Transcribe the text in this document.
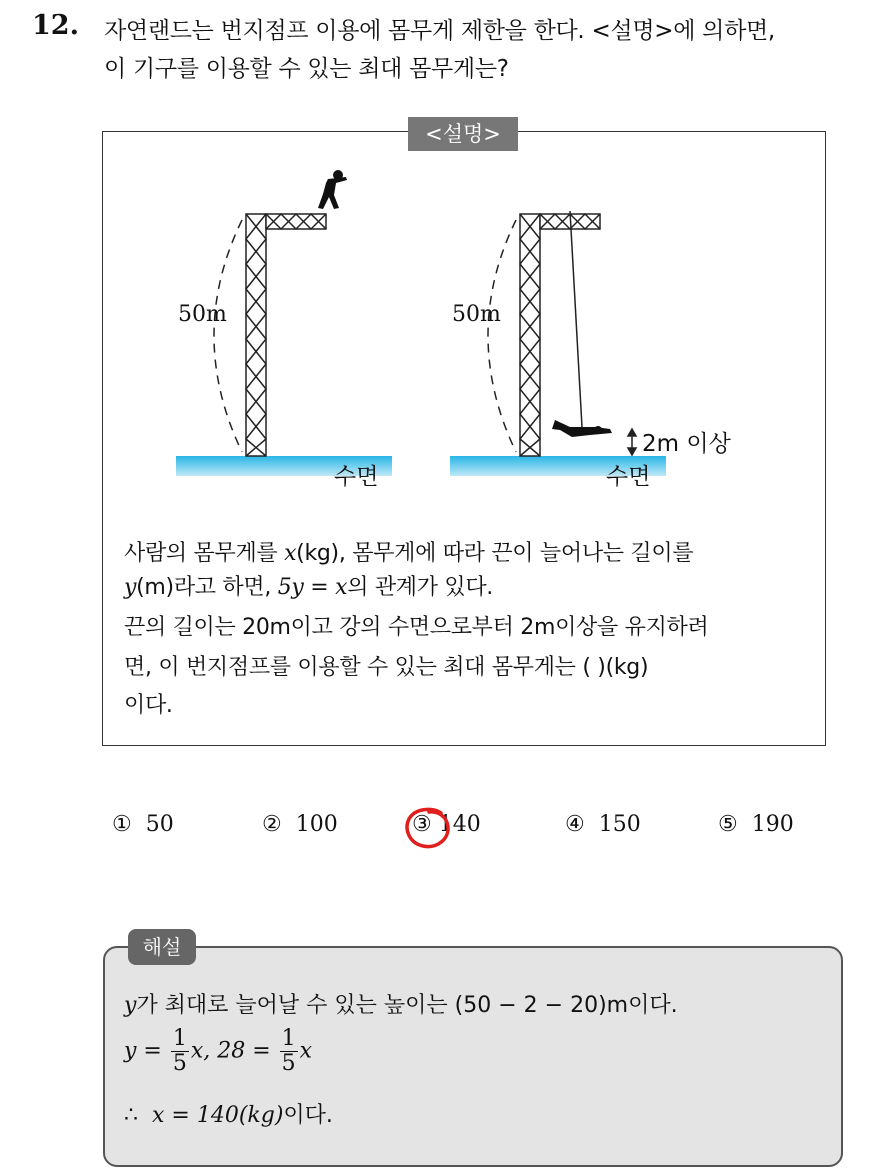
12. 자연랜드는 번지점프 이용에 몸무게 제한을 한다. <설명>에 의하면,
이 기구를 이용할 수 있는 최대 몸무게는?
<설명>
50m	50m
수면	수면
2m 이상
사람의 몸무게를 x(kg), 몸무게에 따라 끈이 늘어나는 길이를
y(m)라고 하면, 5y = x의 관계가 있다.
끈의 길이는 20m이고 강의 수면으로부터 2m이상을 유지하려
면, 이 번지점프를 이용할 수 있는 최대 몸무게는 ( )(kg)
이다.
① 50	② 100	③ 140	④ 150	⑤ 190
해설
y가 최대로 늘어날 수 있는 높이는 (50 − 2 − 20)m이다.
$y = \frac{1}{5} x$, $28 = \frac{1}{5}$ x
∴ x = 140(kg)이다.
